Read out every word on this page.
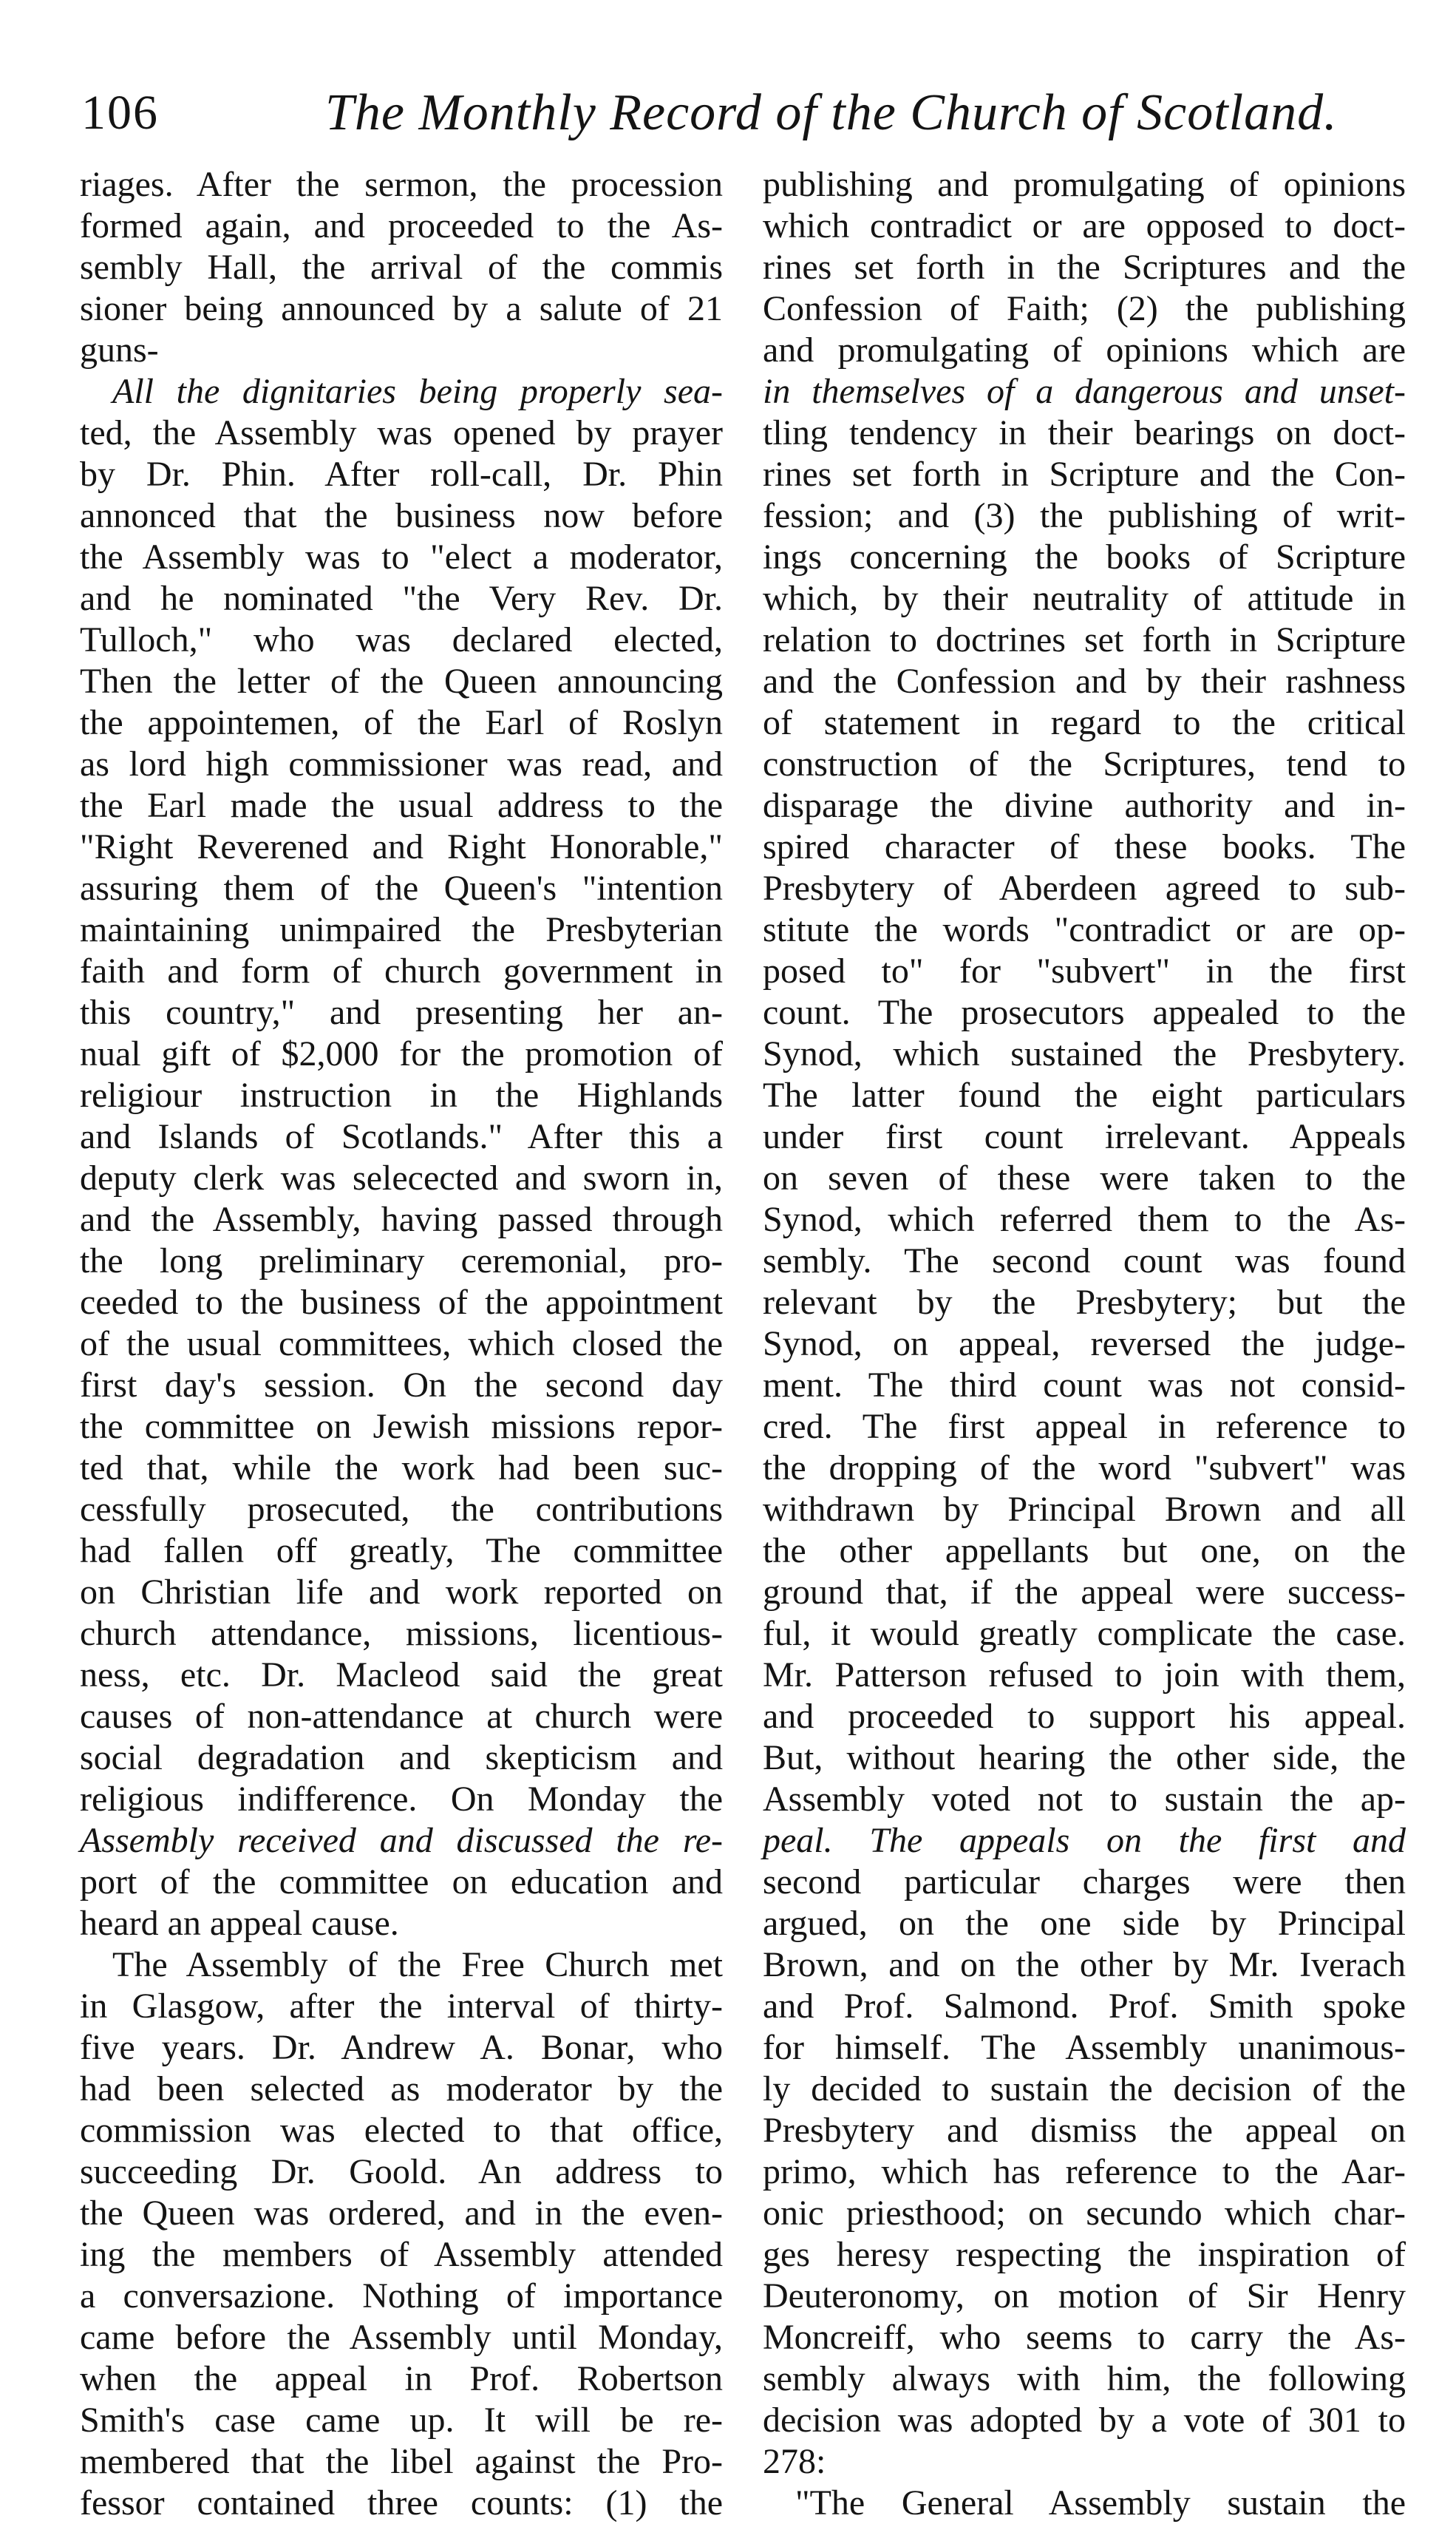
106	The Monthly Record of the Church of Scotland.
riages. After the sermon, the procession
formed again, and proceeded to the As-
sembly Hall, the arrival of the commis
sioner being announced by a salute of 21
guns-
All the dignitaries being properly sea-
ted, the Assembly was opened by prayer
by Dr. Phin. After roll-call, Dr. Phin
annonced that the business now before
the Assembly was to "elect a moderator,
and he nominated "the Very Rev. Dr.
Tulloch," who was declared elected,
Then the letter of the Queen announcing
the appointemen, of the Earl of Roslyn
as lord high commissioner was read, and
the Earl made the usual address to the
"Right Reverened and Right Honorable,"
assuring them of the Queen's "intention
maintaining unimpaired the Presbyterian
faith and form of church government in
this country," and presenting her an-
nual gift of $2,000 for the promotion of
religiour instruction in the Highlands
and Islands of Scotlands." After this a
deputy clerk was selecected and sworn in,
and the Assembly, having passed through
the long preliminary ceremonial, pro-
ceeded to the business of the appointment
of the usual committees, which closed the
first day's session. On the second day
the committee on Jewish missions repor-
ted that, while the work had been suc-
cessfully prosecuted, the contributions
had fallen off greatly, The committee
on Christian life and work reported on
church attendance, missions, licentious-
ness, etc. Dr. Macleod said the great
causes of non-attendance at church were
social degradation and skepticism and
religious indifference. On Monday the
Assembly received and discussed the re-
port of the committee on education and
heard an appeal cause.
The Assembly of the Free Church met
in Glasgow, after the interval of thirty-
five years. Dr. Andrew A. Bonar, who
had been selected as moderator by the
commission was elected to that office,
succeeding Dr. Goold. An address to
the Queen was ordered, and in the even-
ing the members of Assembly attended
a conversazione. Nothing of importance
came before the Assembly until Monday,
when the appeal in Prof. Robertson
Smith's case came up. It will be re-
membered that the libel against the Pro-
fessor contained three counts: (1) the
publishing and promulgating of opinions
which contradict or are opposed to doct-
rines set forth in the Scriptures and the
Confession of Faith; (2) the publishing
and promulgating of opinions which are
in themselves of a dangerous and unset-
tling tendency in their bearings on doct-
rines set forth in Scripture and the Con-
fession; and (3) the publishing of writ-
ings concerning the books of Scripture
which, by their neutrality of attitude in
relation to doctrines set forth in Scripture
and the Confession and by their rashness
of statement in regard to the critical
construction of the Scriptures, tend to
disparage the divine authority and in-
spired character of these books. The
Presbytery of Aberdeen agreed to sub-
stitute the words "contradict or are op-
posed to" for "subvert" in the first
count. The prosecutors appealed to the
Synod, which sustained the Presbytery.
The latter found the eight particulars
under first count irrelevant. Appeals
on seven of these were taken to the
Synod, which referred them to the As-
sembly. The second count was found
relevant by the Presbytery; but the
Synod, on appeal, reversed the judge-
ment. The third count was not consid-
cred. The first appeal in reference to
the dropping of the word "subvert" was
withdrawn by Principal Brown and all
the other appellants but one, on the
ground that, if the appeal were success-
ful, it would greatly complicate the case.
Mr. Patterson refused to join with them,
and proceeded to support his appeal.
But, without hearing the other side, the
Assembly voted not to sustain the ap-
peal. The appeals on the first and
second particular charges were then
argued, on the one side by Principal
Brown, and on the other by Mr. Iverach
and Prof. Salmond. Prof. Smith spoke
for himself. The Assembly unanimous-
ly decided to sustain the decision of the
Presbytery and dismiss the appeal on
primo, which has reference to the Aar-
onic priesthood; on secundo which char-
ges heresy respecting the inspiration of
Deuteronomy, on motion of Sir Henry
Moncreiff, who seems to carry the As-
sembly always with him, the following
decision was adopted by a vote of 301 to
278:
"The General Assembly sustain the
